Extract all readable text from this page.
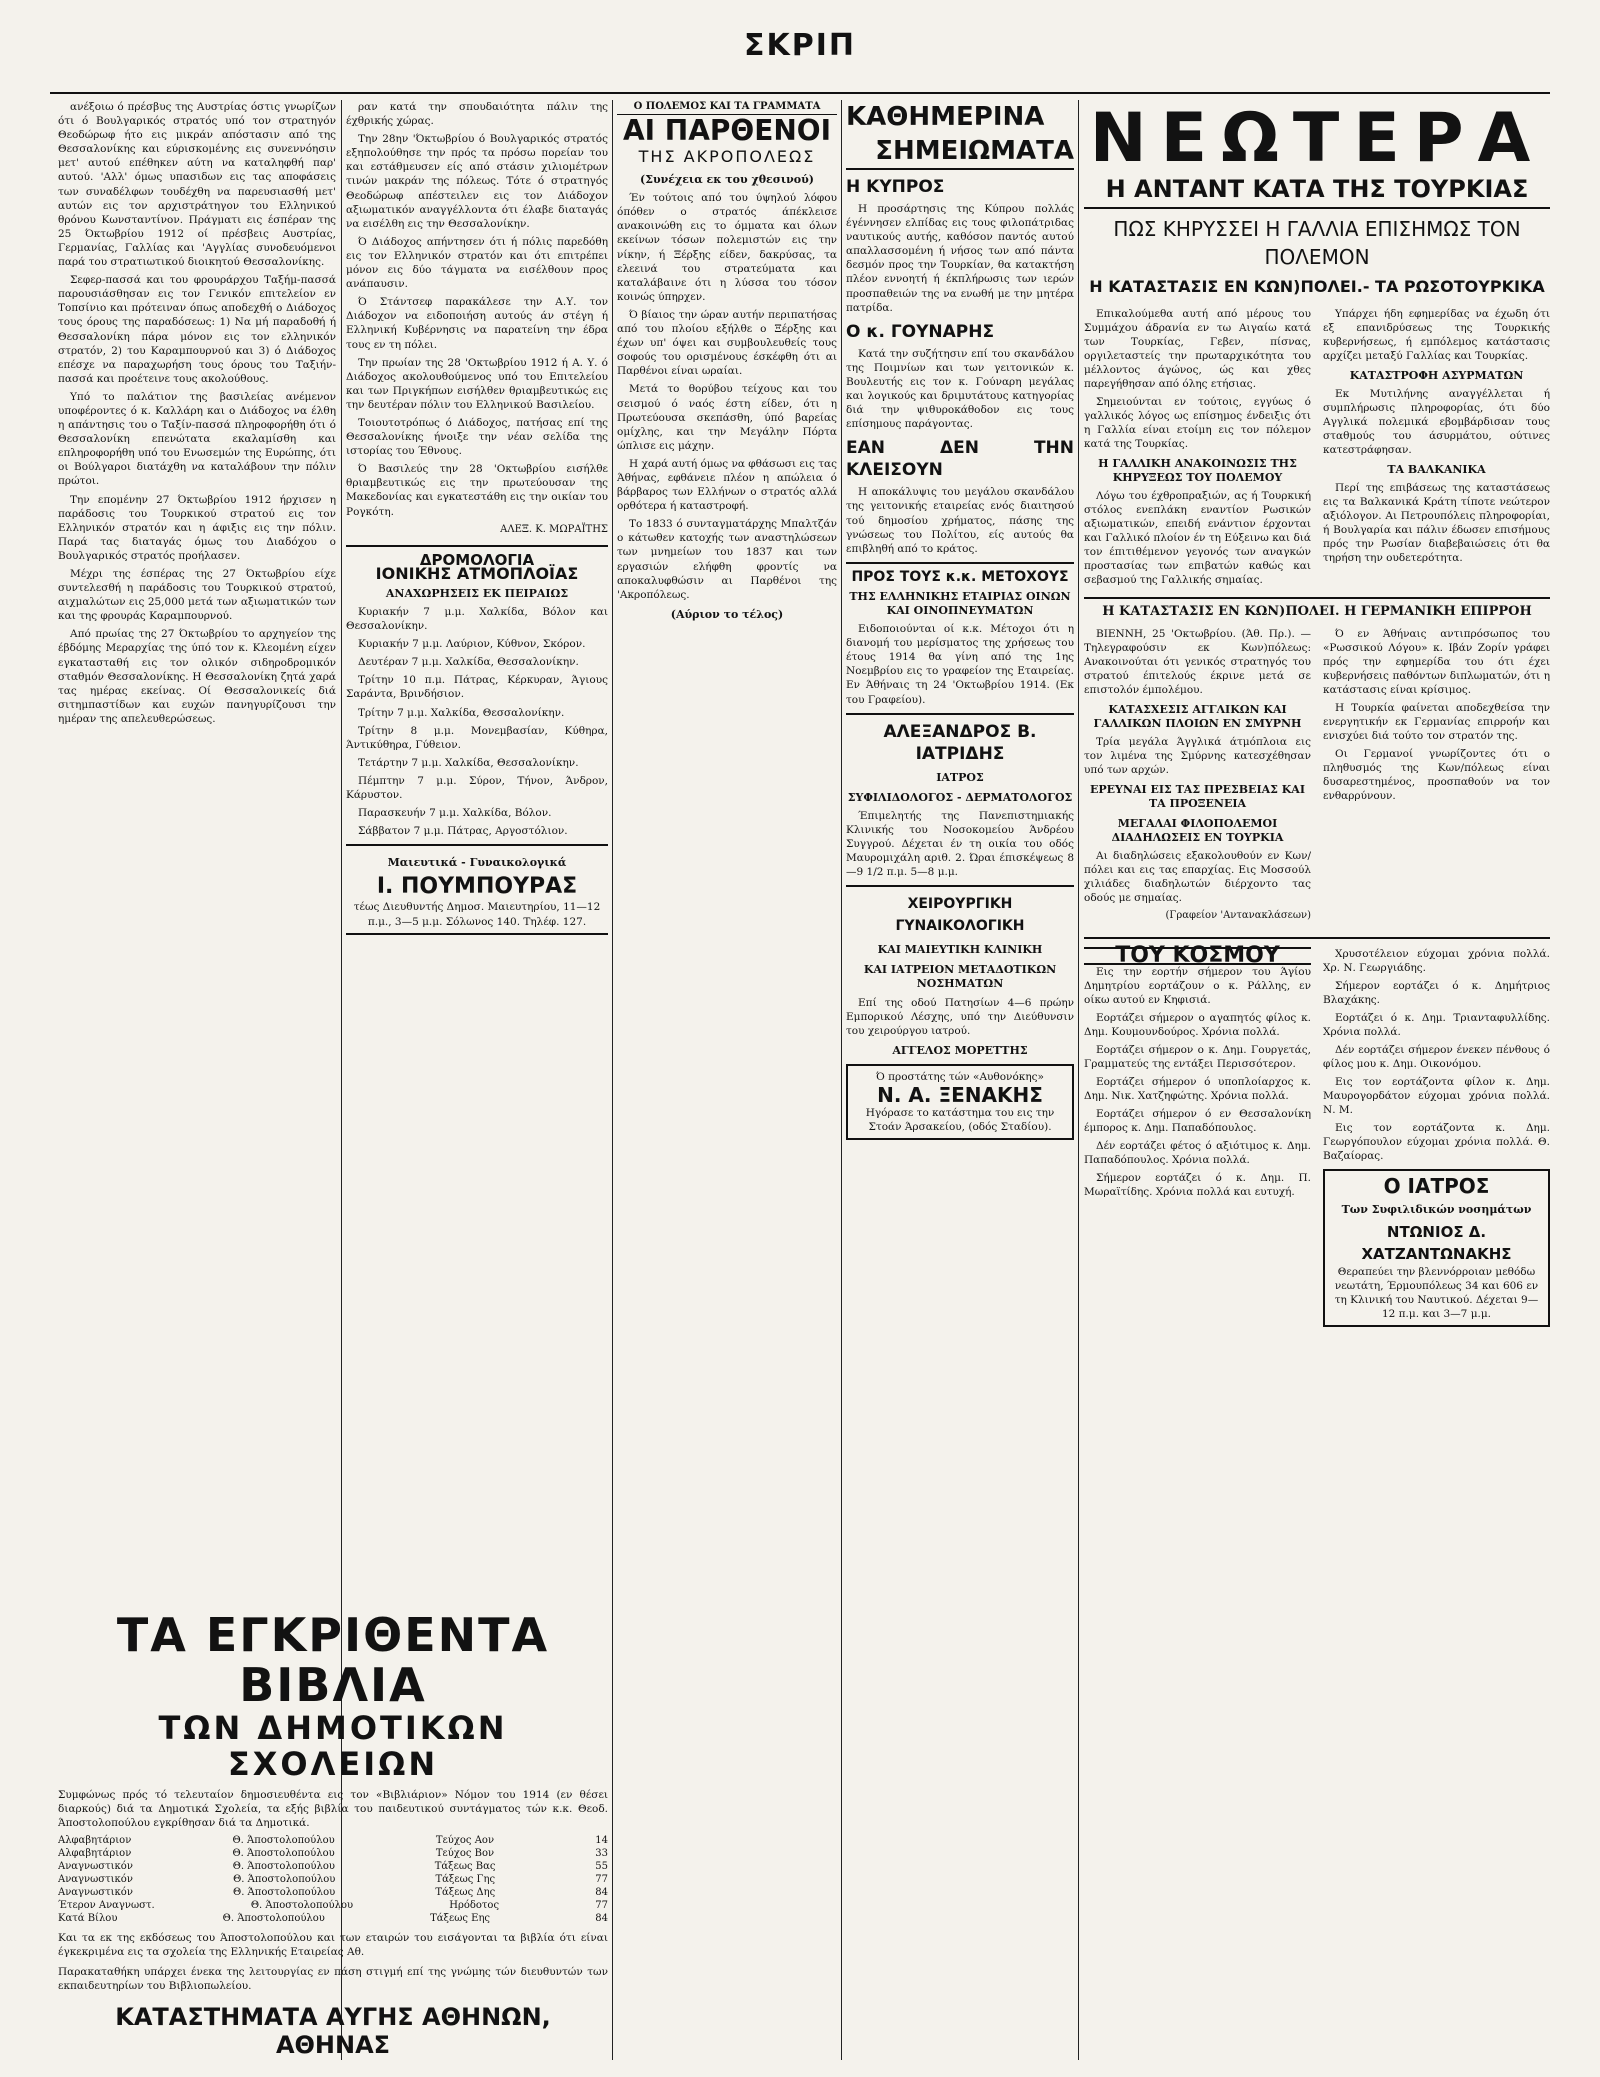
ΣΚΡΙΠ

ανέξοιω ό πρέσβυς της Αυστρίας όστις γνωρίζων ότι ό Βουλγαρικός στρατός υπό τον στρατηγόν Θεοδώρωφ ήτο εις μικράν απόστασιν από της Θεσσαλονίκης και εύρισκομένης εις συνεννόησιν μετ' αυτού επέθηκεν αύτη να καταληφθή παρ' αυτού. 'Αλλ' όμως υπασιδων εις τας αποφάσεις των συναδέλφων τουδέχθη να παρευσιασθή μετ' αυτών εις τον αρχιστράτηγον του Ελληνικού θρόνου Κωνσταντίνον. Πράγματι εις έσπέραν της 25 Όκτωβρίου 1912 οί πρέσβεις Αυστρίας, Γερμανίας, Γαλλίας και 'Αγγλίας συνοδευόμενοι παρά του στρατιωτικού διοικητού Θεσσαλονίκης.

Σεφερ-πασσά και του φρουράρχου Ταξήμ-πασσά παρουσιάσθησαν εις τον Γενικόν επιτελείον εν Τοπσίνιο και πρότειναν όπως αποδεχθή ο Διάδοχος τους όρους της παραδόσεως: 1) Να μή παραδοθή ή Θεσσαλονίκη πάρα μόνον εις τον ελληνικόν στρατόν, 2) του Καραμπουρνού και 3) ό Διάδοχος επέσχε να παραχωρήση τους όρους του Ταξιήν-πασσά και προέτεινε τους ακολούθους.

Υπό το παλάτιον της βασιλείας ανέμενον υποφέροντες ό κ. Καλλάρη και ο Διάδοχος να έλθη η απάντησις του ο Ταξίν-πασσά πληροφορήθη ότι ό Θεσσαλονίκη επενώτατα εκαλαμίσθη και επληροφορήθη υπό του Ενωσεμών της Ευρώπης, ότι οι Βούλγαροι διατάχθη να καταλάβουν την πόλιν πρώτοι.

Την επομένην 27 Όκτωβρίου 1912 ήρχισεν η παράδοσις του Τουρκικού στρατού εις τον Ελληνικόν στρατόν και η άφιξις εις την πόλιν. Παρά τας διαταγάς όμως του Διαδόχου ο Βουλγαρικός στρατός προήλασεν.

Μέχρι της έσπέρας της 27 Όκτωβρίου είχε συντελεσθή η παράδοσις του Τουρκικού στρατού, αιχμαλώτων εις 25,000 μετά των αξιωματικών των και της φρουράς Καραμπουρνού.

Από πρωίας της 27 Όκτωβρίου το αρχηγείον της έβδόμης Μεραρχίας της ύπό τον κ. Κλεομένη είχεν εγκατασταθή εις τον ολικόν σιδηροδρομικόν σταθμόν Θεσσαλονίκης. Η Θεσσαλονίκη ζητά χαρά τας ημέρας εκείνας. Οί Θεσσαλονικείς διά σιτημπαστίδων και ευχών πανηγυρίζουσι την ημέραν της απελευθερώσεως.

ραν κατά την σπουδαιότητα πάλιν της έχθρικής χώρας.

Την 28ην 'Όκτωβρίου ό Βουλγαρικός στρατός εξηπολούθησε την πρός τα πρόσω πορείαν του και εστάθμευσεν είς από στάσιν χιλιομέτρων τινών μακράν της πόλεως. Τότε ό στρατηγός Θεοδώρωφ απέστειλεν εις τον Διάδοχον αξιωματικόν αναγγέλλοντα ότι έλαβε διαταγάς να εισέλθη εις την Θεσσαλονίκην.

Ό Διάδοχος απήντησεν ότι ή πόλις παρεδόθη εις τον Ελληνικόν στρατόν και ότι επιτρέπει μόνον εις δύο τάγματα να εισέλθουν προς ανάπαυσιν.

Ό Στάντσεφ παρακάλεσε την Α.Υ. τον Διάδοχον να ειδοποιήση αυτούς άν στέγη ή Ελληνική Κυβέρνησις να παρατείνη την έδρα τους εν τη πόλει.

Την πρωίαν της 28 'Οκτωβρίου 1912 ή Α. Υ. ό Διάδοχος ακολουθούμενος υπό του Επιτελείου και των Πριγκήπων εισήλθεν θριαμβευτικώς εις την δευτέραν πόλιν του Ελληνικού Βασιλείου.

Τοιουτοτρόπως ό Διάδοχος, πατήσας επί της Θεσσαλονίκης ήνοιξε την νέαν σελίδα της ιστορίας του Έθνους.

Ό Βασιλεύς την 28 'Οκτωβρίου εισήλθε θριαμβευτικώς εις την πρωτεύουσαν της Μακεδονίας και εγκατεστάθη εις την οικίαν του Ρογκότη.

ΑΛΕΞ. Κ. ΜΩΡΑΪΤΗΣ
ΔΡΟΜΟΛΟΓΙΑ
ΙΟΝΙΚΗΣ ΑΤΜΟΠΛΟΪΑΣ
ΑΝΑΧΩΡΗΣΕΙΣ ΕΚ ΠΕΙΡΑΙΩΣ

Κυριακήν 7 μ.μ. Χαλκίδα, Βόλον και Θεσσαλονίκην.

Κυριακήν 7 μ.μ. Λαύριον, Κύθνον, Σκόρον.

Δευτέραν 7 μ.μ. Χαλκίδα, Θεσσαλονίκην.

Τρίτην 10 π.μ. Πάτρας, Κέρκυραν, Άγιους Σαράντα, Βρινδήσιον.

Τρίτην 7 μ.μ. Χαλκίδα, Θεσσαλονίκην.

Τρίτην 8 μ.μ. Μονεμβασίαν, Κύθηρα, Άντικύθηρα, Γύθειον.

Τετάρτην 7 μ.μ. Χαλκίδα, Θεσσαλονίκην.

Πέμπτην 7 μ.μ. Σύρον, Τήνον, Άνδρον, Κάρυστον.

Παρασκευήν 7 μ.μ. Χαλκίδα, Βόλον.

Σάββατον 7 μ.μ. Πάτρας, Αργοστόλιον.

Μαιευτικά - Γυναικολογικά
Ι. ΠΟΥΜΠΟΥΡΑΣ
τέως Διευθυντής Δημοσ. Μαιευτηρίου, 11—12 π.μ., 3—5 μ.μ. Σόλωνος 140. Τηλέφ. 127.
ΤΑ ΕΓΚΡΙΘΕΝΤΑ ΒΙΒΛΙΑ
ΤΩΝ ΔΗΜΟΤΙΚΩΝ ΣΧΟΛΕΙΩΝ
Συμφώνως πρός τό τελευταίον δημοσιευθέντα εις τον «Βιβλιάριον» Νόμον του 1914 (εν θέσει διαρκούς) διά τα Δημοτικά Σχολεία, τα εξής βιβλία του παιδευτικού συντάγματος τών κ.κ. Θεοδ. Άποστολοπούλου εγκρίθησαν διά τα Δημοτικά.
Αλφαβητάριον	Θ. Άποστολοπούλου	Τεύχος Αον	14
Αλφαβητάριον	Θ. Άποστολοπούλου	Τεύχος Βον	33
Αναγνωστικόν	Θ. Άποστολοπούλου	Τάξεως Βας	55
Αναγνωστικόν	Θ. Άποστολοπούλου	Τάξεως Γης	77
Αναγνωστικόν	Θ. Άποστολοπούλου	Τάξεως Δης	84
Έτερον Αναγνωστ.	Θ. Άποστολοπούλου	Ηρόδοτος	77
Κατά Βίλου	Θ. Άποστολοπούλου	Τάξεως Εης	84
Και τα εκ της εκδόσεως του Άποστολοπούλου και των εταιρών του εισάγονται τα βιβλία ότι είναι έγκεκριμένα εις τα σχολεία της Ελληνικής Εταιρείας Αθ.
Παρακαταθήκη υπάρχει ένεκα της λειτουργίας εν πάση στιγμή επί της γνώμης τών διευθυντών των εκπαιδευτηρίων του Βιβλιοπωλείου.
ΚΑΤΑΣΤΗΜΑΤΑ ΑΥΓΗΣ ΑΘΗΝΩΝ, ΑΘΗΝΑΣ
Ο ΠΟΛΕΜΟΣ ΚΑΙ ΤΑ ΓΡΑΜΜΑΤΑ
ΑΙ ΠΑΡΘΕΝΟΙ
ΤΗΣ ΑΚΡΟΠΟΛΕΩΣ
(Συνέχεια εκ του χθεσινού)

Έν τούτοις από του ύψηλού λόφου όπόθεν ο στρατός άπέκλεισε ανακοινώθη εις το όμματα και όλων εκείνων τόσων πολεμιστών εις την νίκην, ή Ξέρξης είδεν, δακρύσας, τα ελεεινά του στρατεύματα και καταλάβαινε ότι η λύσσα του τόσον κοινώς ύπηρχεν.

Ό βίαιος την ώραν αυτήν περιπατήσας από του πλοίου εξήλθε ο Ξέρξης και έχων υπ' όψει και συμβουλευθείς τους σοφούς του ορισμένους έσκέφθη ότι αι Παρθένοι είναι ωραίαι.

Μετά το θορύβου τείχους και του σεισμού ό ναός έστη είδεν, ότι η Πρωτεύουσα σκεπάσθη, ύπό βαρείας ομίχλης, και την Μεγάλην Πόρτα ώπλισε εις μάχην.

Η χαρά αυτή όμως να φθάσωσι εις τας Άθήνας, εφθάνειε πλέον η απώλεια ό βάρβαρος των Ελλήνων ο στρατός αλλά ορθότερα ή καταστροφή.

Το 1833 ό συνταγματάρχης Μπαλτζάν ο κάτωθεν κατοχής των αναστηλώσεων των μνημείων του 1837 και των εργασιών ελήφθη φροντίς να αποκαλυφθώσιν αι Παρθένοι της 'Ακροπόλεως.

(Αύριον το τέλος)
ΚΑΘΗΜΕΡΙΝΑ
ΣΗΜΕΙΩΜΑΤΑ
Η ΚΥΠΡΟΣ

Η προσάρτησις της Κύπρου πολλάς έγέννησεν ελπίδας εις τους φιλοπάτριδας ναυτικούς αυτής, καθόσον παντός αυτού απαλλασσομένη ή νήσος των από πάντα δεσμόν προς την Τουρκίαν, θα κατακτήση πλέον εννοητή ή έκπλήρωσις των ιερών προσπαθειών της να ενωθή με την μητέρα πατρίδα.

Ο κ. ΓΟΥΝΑΡΗΣ

Κατά την συζήτησιν επί του σκανδάλου της Ποιμνίων και των γειτονικών κ. Βουλευτής εις τον κ. Γούναρη μεγάλας και λογικούς και δριμυτάτους κατηγορίας διά την ψιθυροκάθοδον εις τους επίσημους παράγοντας.

ΕΑΝ ΔΕΝ ΤΗΝ ΚΛΕΙΣΟΥΝ

Η αποκάλυψις του μεγάλου σκανδάλου της γειτονικής εταιρείας ενός διαιτησού τού δημοσίου χρήματος, πάσης της γνώσεως του Πολίτου, είς αυτούς θα επιβληθή από το κράτος.

ΠΡΟΣ ΤΟΥΣ κ.κ. ΜΕΤΟΧΟΥΣ
ΤΗΣ ΕΛΛΗΝΙΚΗΣ ΕΤΑΙΡΙΑΣ ΟΙΝΩΝ ΚΑΙ ΟΙΝΟΠΝΕΥΜΑΤΩΝ

Ειδοποιούνται οί κ.κ. Μέτοχοι ότι η διανομή του μερίσματος της χρήσεως του έτους 1914 θα γίνη από της 1ης Νοεμβρίου εις το γραφείον της Εταιρείας. Εν Άθήναις τη 24 'Οκτωβρίου 1914. (Εκ του Γραφείου).

ΑΛΕΞΑΝΔΡΟΣ Β. ΙΑΤΡΙΔΗΣ
ΙΑΤΡΟΣ
ΣΥΦΙΛΙΔΟΛΟΓΟΣ - ΔΕΡΜΑΤΟΛΟΓΟΣ

Έπιμελητής της Πανεπιστημιακής Κλινικής του Νοσοκομείου Άνδρέου Συγγρού. Δέχεται έν τη οικία του οδός Μαυρομιχάλη αριθ. 2. Ώραι έπισκέψεως 8—9 1/2 π.μ. 5—8 μ.μ.

ΧΕΙΡΟΥΡΓΙΚΗ ΓΥΝΑΙΚΟΛΟΓΙΚΗ
ΚΑΙ ΜΑΙΕΥΤΙΚΗ ΚΛΙΝΙΚΗ
ΚΑΙ ΙΑΤΡΕΙΟΝ ΜΕΤΑΔΟΤΙΚΩΝ ΝΟΣΗΜΑΤΩΝ

Επί της οδού Πατησίων 4—6 πρώην Εμπορικού Λέσχης, υπό την Διεύθυνσιν του χειρούργου ιατρού.

ΑΓΓΕΛΟΣ ΜΟΡΕΤΤΗΣ
Ό προστάτης τών «Αυθονόκης»
Ν. Α. ΞΕΝΑΚΗΣ
Ηγόρασε το κατάστημα του εις την Στοάν Άρσακείου, (οδός Σταδίου).
ΝΕΩΤΕΡΑ
Η ΑΝΤΑΝΤ ΚΑΤΑ ΤΗΣ ΤΟΥΡΚΙΑΣ
ΠΩΣ ΚΗΡΥΣΣΕΙ Η ΓΑΛΛΙΑ ΕΠΙΣΗΜΩΣ ΤΟΝ ΠΟΛΕΜΟΝ
Η ΚΑΤΑΣΤΑΣΙΣ ΕΝ ΚΩΝ)ΠΟΛΕΙ.- ΤΑ ΡΩΣΟΤΟΥΡΚΙΚΑ

Επικαλούμεθα αυτή από μέρους του Συμμάχου άδρανία εν τω Αιγαίω κατά των Τουρκίας, Γεβεν, πίσνας, οργιλεταστείς την πρωταρχικότητα του μέλλοντος άγώνος, ώς και χθες παρεγήθησαν από όλης ετήσιας.

Σημειούνται εν τούτοις, εγγύως ό γαλλικός λόγος ως επίσημος ένδειξις ότι η Γαλλία είναι ετοίμη εις τον πόλεμον κατά της Τουρκίας.

Η ΓΑΛΛΙΚΗ ΑΝΑΚΟΙΝΩΣΙΣ ΤΗΣ ΚΗΡΥΞΕΩΣ ΤΟΥ ΠΟΛΕΜΟΥ

Λόγω του έχθροπραξιών, ας ή Τουρκική στόλος ενεπλάκη εναντίον Ρωσικών αξιωματικών, επειδή ενάντιον έρχονται και Γαλλικό πλοίον έν τη Εύξεινω και διά τον έπιτιθέμενον γεγονός των αναγκών προστασίας των επιβατών καθώς και σεβασμού της Γαλλικής σημαίας.

Υπάρχει ήδη εφημερίδας να έχωδη ότι εξ επανιδρύσεως της Τουρκικής κυβερνήσεως, ή εμπόλεμος κατάστασις αρχίζει μεταξύ Γαλλίας και Τουρκίας.

ΚΑΤΑΣΤΡΟΦΗ ΑΣΥΡΜΑΤΩΝ

Εκ Μυτιλήνης αναγγέλλεται ή συμπλήρωσις πληροφορίας, ότι δύο Αγγλικά πολεμικά εβομβάρδισαν τους σταθμούς του άσυρμάτου, ούτινες κατεστράφησαν.

ΤΑ ΒΑΛΚΑΝΙΚΑ

Περί της επιβάσεως της καταστάσεως εις τα Βαλκανικά Κράτη τίποτε νεώτερον αξιόλογον. Αι Πετρουπόλεις πληροφορίαι, ή Βουλγαρία και πάλιν έδωσεν επισήμους πρός την Ρωσίαν διαβεβαιώσεις ότι θα τηρήση την ουδετερότητα.

Η ΚΑΤΑΣΤΑΣΙΣ ΕΝ ΚΩΝ)ΠΟΛΕΙ. Η ΓΕΡΜΑΝΙΚΗ ΕΠΙΡΡΟΗ

ΒΙΕΝΝΗ, 25 'Οκτωβρίου. (Άθ. Πρ.). —Τηλεγραφούσιν εκ Κων)πόλεως: Ανακοινούται ότι γενικός στρατηγός του στρατού έπιτελούς έκρινε μετά σε επιστολόν έμπολέμου.

ΚΑΤΑΣΧΕΣΙΣ ΑΓΓΛΙΚΩΝ ΚΑΙ ΓΑΛΛΙΚΩΝ ΠΛΟΙΩΝ ΕΝ ΣΜΥΡΝΗ

Τρία μεγάλα Άγγλικά άτμόπλοια εις τον λιμένα της Σμύρνης κατεσχέθησαν υπό των αρχών.

ΕΡΕΥΝΑΙ ΕΙΣ ΤΑΣ ΠΡΕΣΒΕΙΑΣ ΚΑΙ ΤΑ ΠΡΟΞΕΝΕΙΑ
ΜΕΓΑΛΑΙ ΦΙΛΟΠΟΛΕΜΟΙ ΔΙΑΔΗΛΩΣΕΙΣ ΕΝ ΤΟΥΡΚΙΑ

Αι διαδηλώσεις εξακολουθούν εν Κων/πόλει και εις τας επαρχίας. Εις Μοσσούλ χιλιάδες διαδηλωτών διέρχοντο τας οδούς με σημαίας.

(Γραφείον 'Αντανακλάσεων)

Ό εν Άθήναις αντιπρόσωπος του «Ρωσσικού Λόγου» κ. Ιβάν Ζορίν γράφει πρός την εφημερίδα του ότι έχει κυβερνήσεις παθόντων διπλωματών, ότι η κατάστασις είναι κρίσιμος.

Η Τουρκία φαίνεται αποδεχθείσα την ενεργητικήν εκ Γερμανίας επιρροήν και ενισχύει διά τούτο τον στρατόν της.

Οι Γερμανοί γνωρίζοντες ότι ο πληθυσμός της Κων/πόλεως είναι δυσαρεστημένος, προσπαθούν να τον ενθαρρύνουν.

ΤΟΥ ΚΟΣΜΟΥ

Εις την εορτήν σήμερον του Άγίου Δημητρίου εορτάζουν ο κ. Ράλλης, εν οίκω αυτού εν Κηφισιά.

Εορτάζει σήμερον ο αγαπητός φίλος κ. Δημ. Κουμουνδούρος. Χρόνια πολλά.

Εορτάζει σήμερον ο κ. Δημ. Γουργετάς, Γραμματεύς της εντάξει Περισσότερον.

Εορτάζει σήμερον ό υποπλοίαρχος κ. Δημ. Νικ. Χατζηφώτης. Χρόνια πολλά.

Εορτάζει σήμερον ό εν Θεσσαλονίκη έμπορος κ. Δημ. Παπαδόπουλος.

Δέν εορτάζει φέτος ό αξιότιμος κ. Δημ. Παπαδόπουλος. Χρόνια πολλά.

Σήμερον εορτάζει ό κ. Δημ. Π. Μωραϊτίδης. Χρόνια πολλά και ευτυχή.

Χρυσοτέλειον εύχομαι χρόνια πολλά. Χρ. Ν. Γεωργιάδης.

Σήμερον εορτάζει ό κ. Δημήτριος Βλαχάκης.

Εορτάζει ό κ. Δημ. Τριανταφυλλίδης. Χρόνια πολλά.

Δέν εορτάζει σήμερον ένεκεν πένθους ό φίλος μου κ. Δημ. Οικονόμου.

Εις τον εορτάζοντα φίλον κ. Δημ. Μαυρογορδάτον εύχομαι χρόνια πολλά. Ν. Μ.

Εις τον εορτάζοντα κ. Δημ. Γεωργόπουλον εύχομαι χρόνια πολλά. Θ. Βαζαίορας.

Ο ΙΑΤΡΟΣ
Των Συφιλιδικών νοσημάτων
ΝΤΩΝΙΟΣ Δ. ΧΑΤΖΑΝΤΩΝΑΚΗΣ
Θεραπεύει την βλεννόρροιαν μεθόδω νεωτάτη, Έρμουπόλεως 34 και 606 εν τη Κλινική του Ναυτικού. Δέχεται 9—12 π.μ. και 3—7 μ.μ.
